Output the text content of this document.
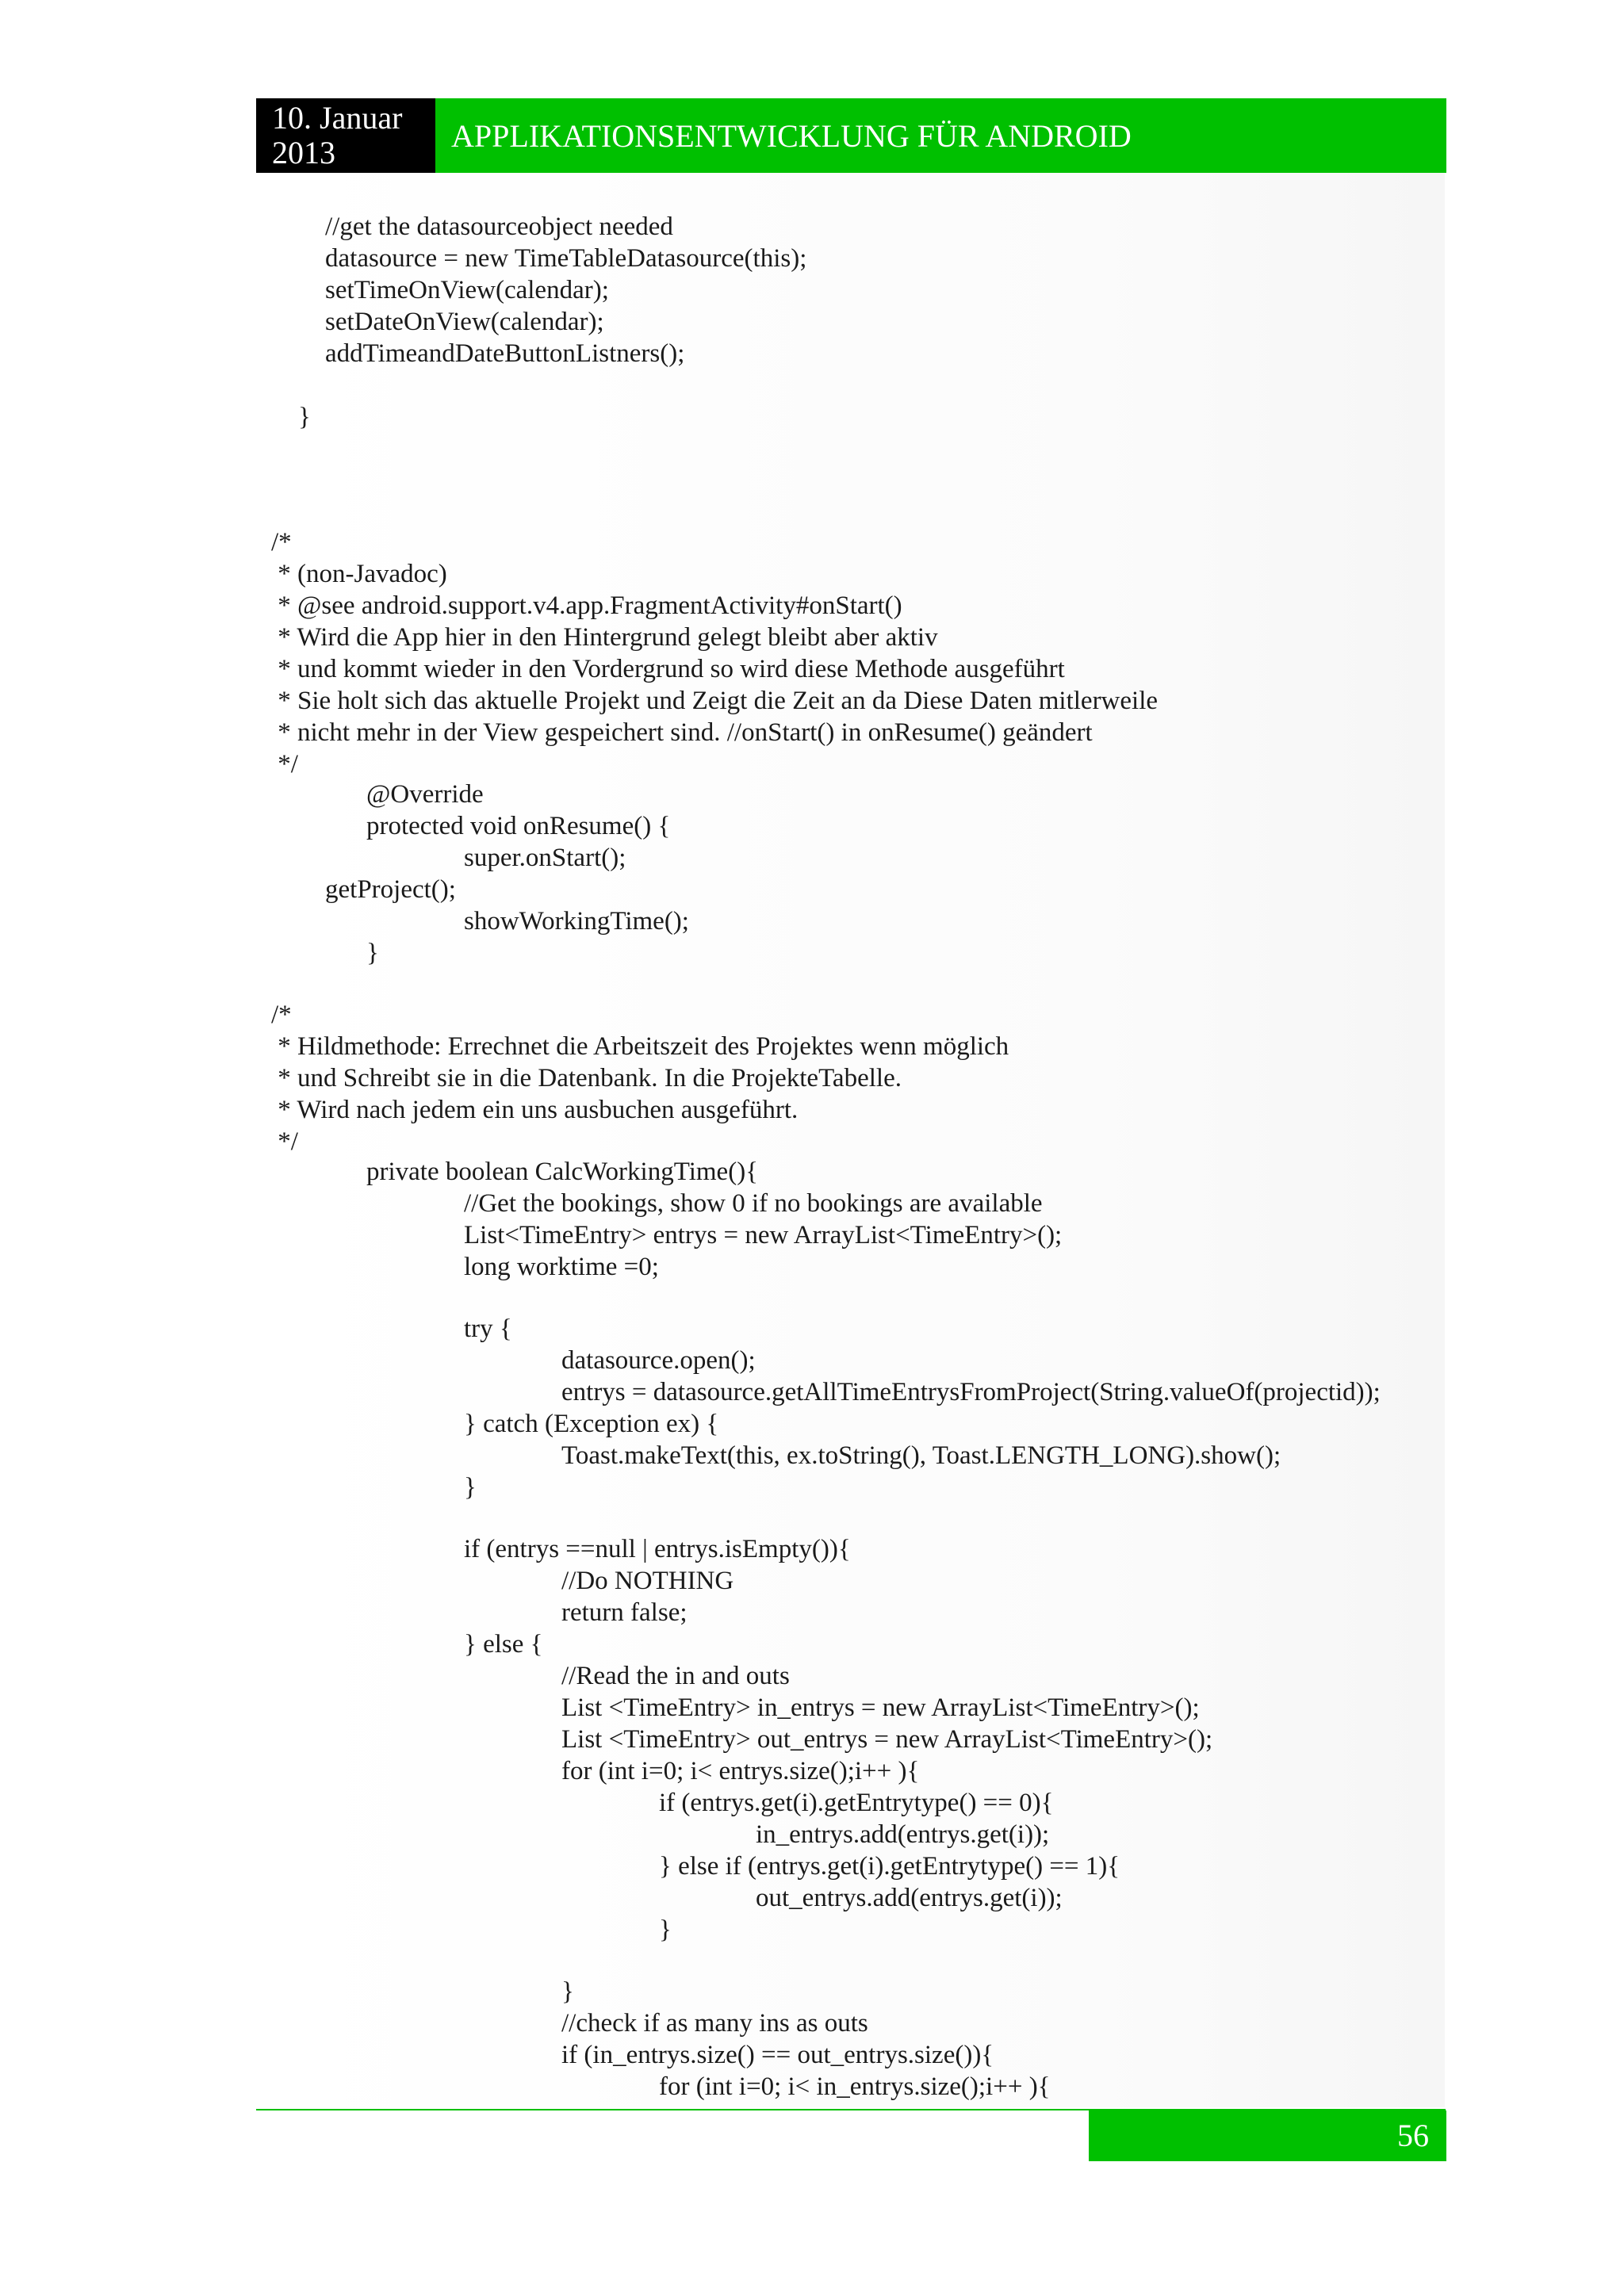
10. Januar
2013	APPLIKATIONSENTWICKLUNG FÜR ANDROID
//get the datasourceobject needed
datasource = new TimeTableDatasource(this);
setTimeOnView(calendar);
setDateOnView(calendar);
addTimeandDateButtonListners();
}
/*
* (non-Javadoc)
* @see android.support.v4.app.FragmentActivity#onStart()
* Wird die App hier in den Hintergrund gelegt bleibt aber aktiv
* und kommt wieder in den Vordergrund so wird diese Methode ausgeführt
* Sie holt sich das aktuelle Projekt und Zeigt die Zeit an da Diese Daten mitlerweile
* nicht mehr in der View gespeichert sind. //onStart() in onResume() geändert
*/
@Override
protected void onResume() {
super.onStart();
getProject();
showWorkingTime();
}
/*
* Hildmethode: Errechnet die Arbeitszeit des Projektes wenn möglich
* und Schreibt sie in die Datenbank. In die ProjekteTabelle.
* Wird nach jedem ein uns ausbuchen ausgeführt.
*/
private boolean CalcWorkingTime(){
//Get the bookings, show 0 if no bookings are available
List<TimeEntry> entrys = new ArrayList<TimeEntry>();
long worktime =0;
try {
datasource.open();
entrys = datasource.getAllTimeEntrysFromProject(String.valueOf(projectid));
} catch (Exception ex) {
Toast.makeText(this, ex.toString(), Toast.LENGTH_LONG).show();
}
if (entrys ==null | entrys.isEmpty()){
//Do NOTHING
return false;
} else {
//Read the in and outs
List <TimeEntry> in_entrys = new ArrayList<TimeEntry>();
List <TimeEntry> out_entrys = new ArrayList<TimeEntry>();
for (int i=0; i< entrys.size();i++ ){
if (entrys.get(i).getEntrytype() == 0){
in_entrys.add(entrys.get(i));
} else if (entrys.get(i).getEntrytype() == 1){
out_entrys.add(entrys.get(i));
}
}
//check if as many ins as outs
if (in_entrys.size() == out_entrys.size()){
for (int i=0; i< in_entrys.size();i++ ){
56
